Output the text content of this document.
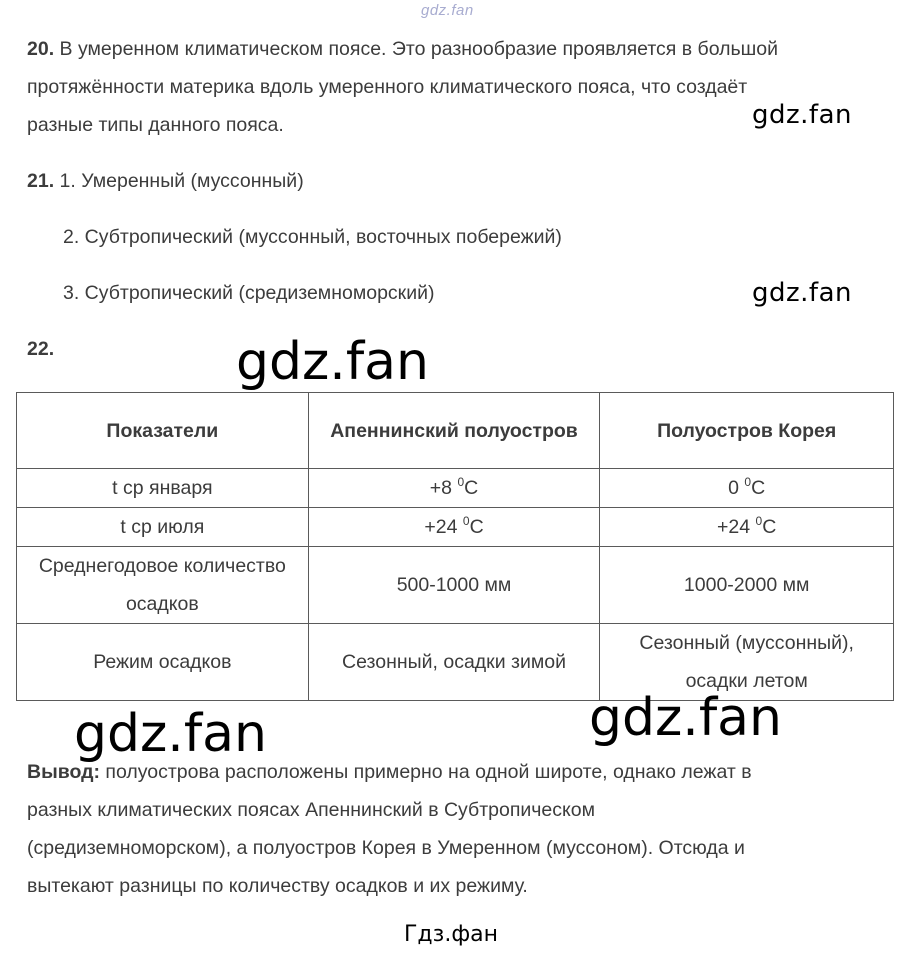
gdz.fan
20. В умеренном климатическом поясе. Это разнообразие проявляется в большой
протяжённости материка вдоль умеренного климатического пояса, что создаёт
разные типы данного пояса.	gdz.fan
21. 1. Умеренный (муссонный)
2. Субтропический (муссонный, восточных побережий)
3. Субтропический (средиземноморский)	gdz.fan
22.	gdz.fan
Показатели	Апеннинский полуостров	Полуостров Корея
t ср января	+8 $^0$C	0 $^0$C
t ср июля	+24 $^0$C	+24 $^0$C
Среднегодовое количество осадков	500-1000 мм	1000-2000 мм
Режим осадков	Сезонный, осадки зимой	Сезонный (муссонный), осадки летом
gdz.fan	gdz.fan
Вывод: полуострова расположены примерно на одной широте, однако лежат в
разных климатических поясах Апеннинский в Субтропическом
(средиземноморском), а полуостров Корея в Умеренном (муссоном). Отсюда и
вытекают разницы по количеству осадков и их режиму.
Гдз.фан
